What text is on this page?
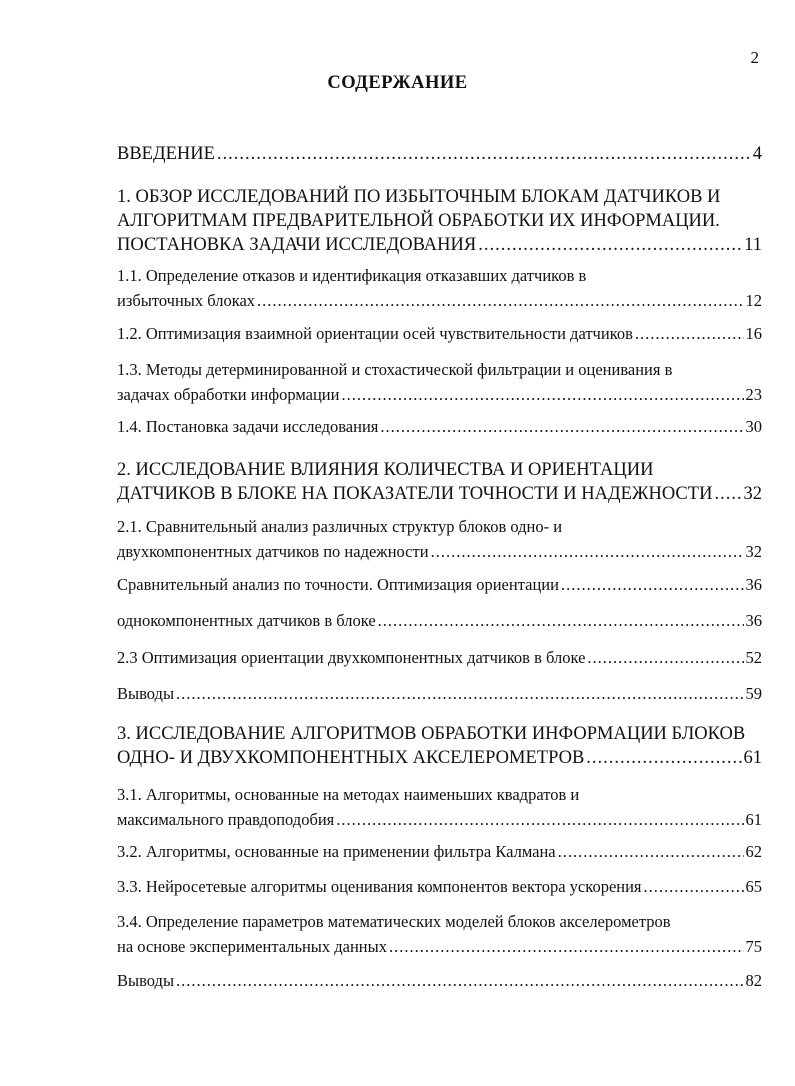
2
СОДЕРЖАНИЕ
ВВЕДЕНИЕ .....	4
1. ОБЗОР ИССЛЕДОВАНИЙ ПО ИЗБЫТОЧНЫМ БЛОКАМ ДАТЧИКОВ И
АЛГОРИТМАМ ПРЕДВАРИТЕЛЬНОЙ ОБРАБОТКИ ИХ ИНФОРМАЦИИ.
ПОСТАНОВКА ЗАДАЧИ ИССЛЕДОВАНИЯ .....	11
1.1. Определение отказов и идентификация отказавших датчиков в
избыточных блоках .....	12
1.2. Оптимизация взаимной ориентации осей чувствительности датчиков .....	16
1.3. Методы детерминированной и стохастической фильтрации и оценивания в
задачах обработки информации .....	23
1.4. Постановка задачи исследования .....	30
2. ИССЛЕДОВАНИЕ ВЛИЯНИЯ КОЛИЧЕСТВА И ОРИЕНТАЦИИ
ДАТЧИКОВ В БЛОКЕ НА ПОКАЗАТЕЛИ ТОЧНОСТИ И НАДЕЖНОСТИ ..... 32
2.1. Сравнительный анализ различных структур блоков одно- и
двухкомпонентных датчиков по надежности .....	32
Сравнительный анализ по точности. Оптимизация ориентации .....	36
однокомпонентных датчиков в блоке .....	36
2.3 Оптимизация ориентации двухкомпонентных датчиков в блоке .....	52
Выводы .....	59
3. ИССЛЕДОВАНИЕ АЛГОРИТМОВ ОБРАБОТКИ ИНФОРМАЦИИ БЛОКОВ
ОДНО- И ДВУХКОМПОНЕНТНЫХ АКСЕЛЕРОМЕТРОВ .....	61
3.1. Алгоритмы, основанные на методах наименьших квадратов и
максимального правдоподобия .....	61
3.2. Алгоритмы, основанные на применении фильтра Калмана .....	62
3.3. Нейросетевые алгоритмы оценивания компонентов вектора ускорения .....	65
3.4. Определение параметров математических моделей блоков акселерометров
на основе экспериментальных данных .....	75
Выводы .....	82
